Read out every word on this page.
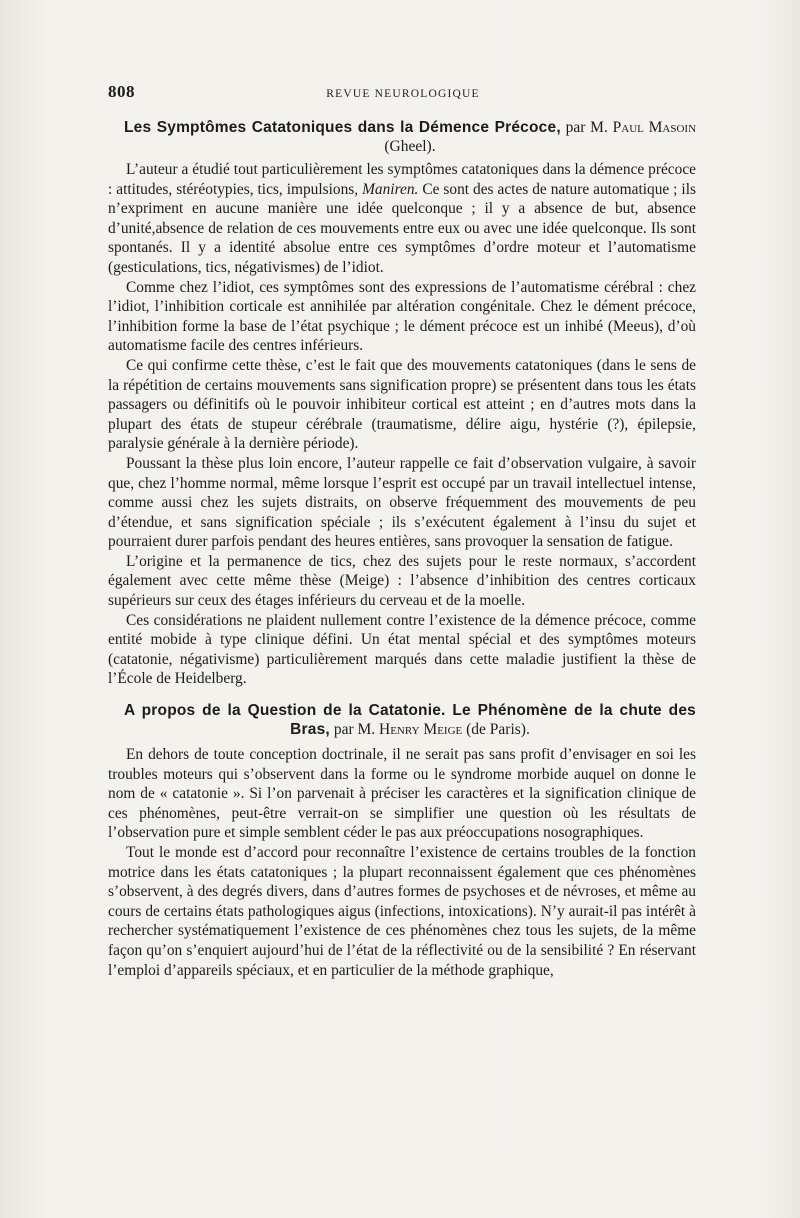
808	REVUE NEUROLOGIQUE

Les Symptômes Catatoniques dans la Démence Précoce, par M. Paul Masoin (Gheel).

L’auteur a étudié tout particulièrement les symptômes catatoniques dans la démence précoce : attitudes, stéréotypies, tics, impulsions, Maniren. Ce sont des actes de nature automatique ; ils n’expriment en aucune manière une idée quelconque ; il y a absence de but, absence d’unité,absence de relation de ces mouvements entre eux ou avec une idée quelconque. Ils sont spontanés. Il y a identité absolue entre ces symptômes d’ordre moteur et l’automatisme (gesticulations, tics, négativismes) de l’idiot.

Comme chez l’idiot, ces symptômes sont des expressions de l’automatisme cérébral : chez l’idiot, l’inhibition corticale est annihilée par altération congénitale. Chez le dément précoce, l’inhibition forme la base de l’état psychique ; le dément précoce est un inhibé (Meeus), d’où automatisme facile des centres inférieurs.

Ce qui confirme cette thèse, c’est le fait que des mouvements catatoniques (dans le sens de la répétition de certains mouvements sans signification propre) se présentent dans tous les états passagers ou définitifs où le pouvoir inhibiteur cortical est atteint ; en d’autres mots dans la plupart des états de stupeur cérébrale (traumatisme, délire aigu, hystérie (?), épilepsie, paralysie générale à la dernière période).

Poussant la thèse plus loin encore, l’auteur rappelle ce fait d’observation vulgaire, à savoir que, chez l’homme normal, même lorsque l’esprit est occupé par un travail intellectuel intense, comme aussi chez les sujets distraits, on observe fréquemment des mouvements de peu d’étendue, et sans signification spéciale ; ils s’exécutent également à l’insu du sujet et pourraient durer parfois pendant des heures entières, sans provoquer la sensation de fatigue.

L’origine et la permanence de tics, chez des sujets pour le reste normaux, s’accordent également avec cette même thèse (Meige) : l’absence d’inhibition des centres corticaux supérieurs sur ceux des étages inférieurs du cerveau et de la moelle.

Ces considérations ne plaident nullement contre l’existence de la démence précoce, comme entité mobide à type clinique défini. Un état mental spécial et des symptômes moteurs (catatonie, négativisme) particulièrement marqués dans cette maladie justifient la thèse de l’École de Heidelberg.

A propos de la Question de la Catatonie. Le Phénomène de la chute des Bras, par M. Henry Meige (de Paris).

En dehors de toute conception doctrinale, il ne serait pas sans profit d’envisager en soi les troubles moteurs qui s’observent dans la forme ou le syndrome morbide auquel on donne le nom de « catatonie ». Si l’on parvenait à préciser les caractères et la signification clinique de ces phénomènes, peut-être verrait-on se simplifier une question où les résultats de l’observation pure et simple semblent céder le pas aux préoccupations nosographiques.

Tout le monde est d’accord pour reconnaître l’existence de certains troubles de la fonction motrice dans les états catatoniques ; la plupart reconnaissent également que ces phénomènes s’observent, à des degrés divers, dans d’autres formes de psychoses et de névroses, et même au cours de certains états pathologiques aigus (infections, intoxications). N’y aurait-il pas intérêt à rechercher systématiquement l’existence de ces phénomènes chez tous les sujets, de la même façon qu’on s’enquiert aujourd’hui de l’état de la réflectivité ou de la sensibilité ? En réservant l’emploi d’appareils spéciaux, et en particulier de la méthode graphique,
